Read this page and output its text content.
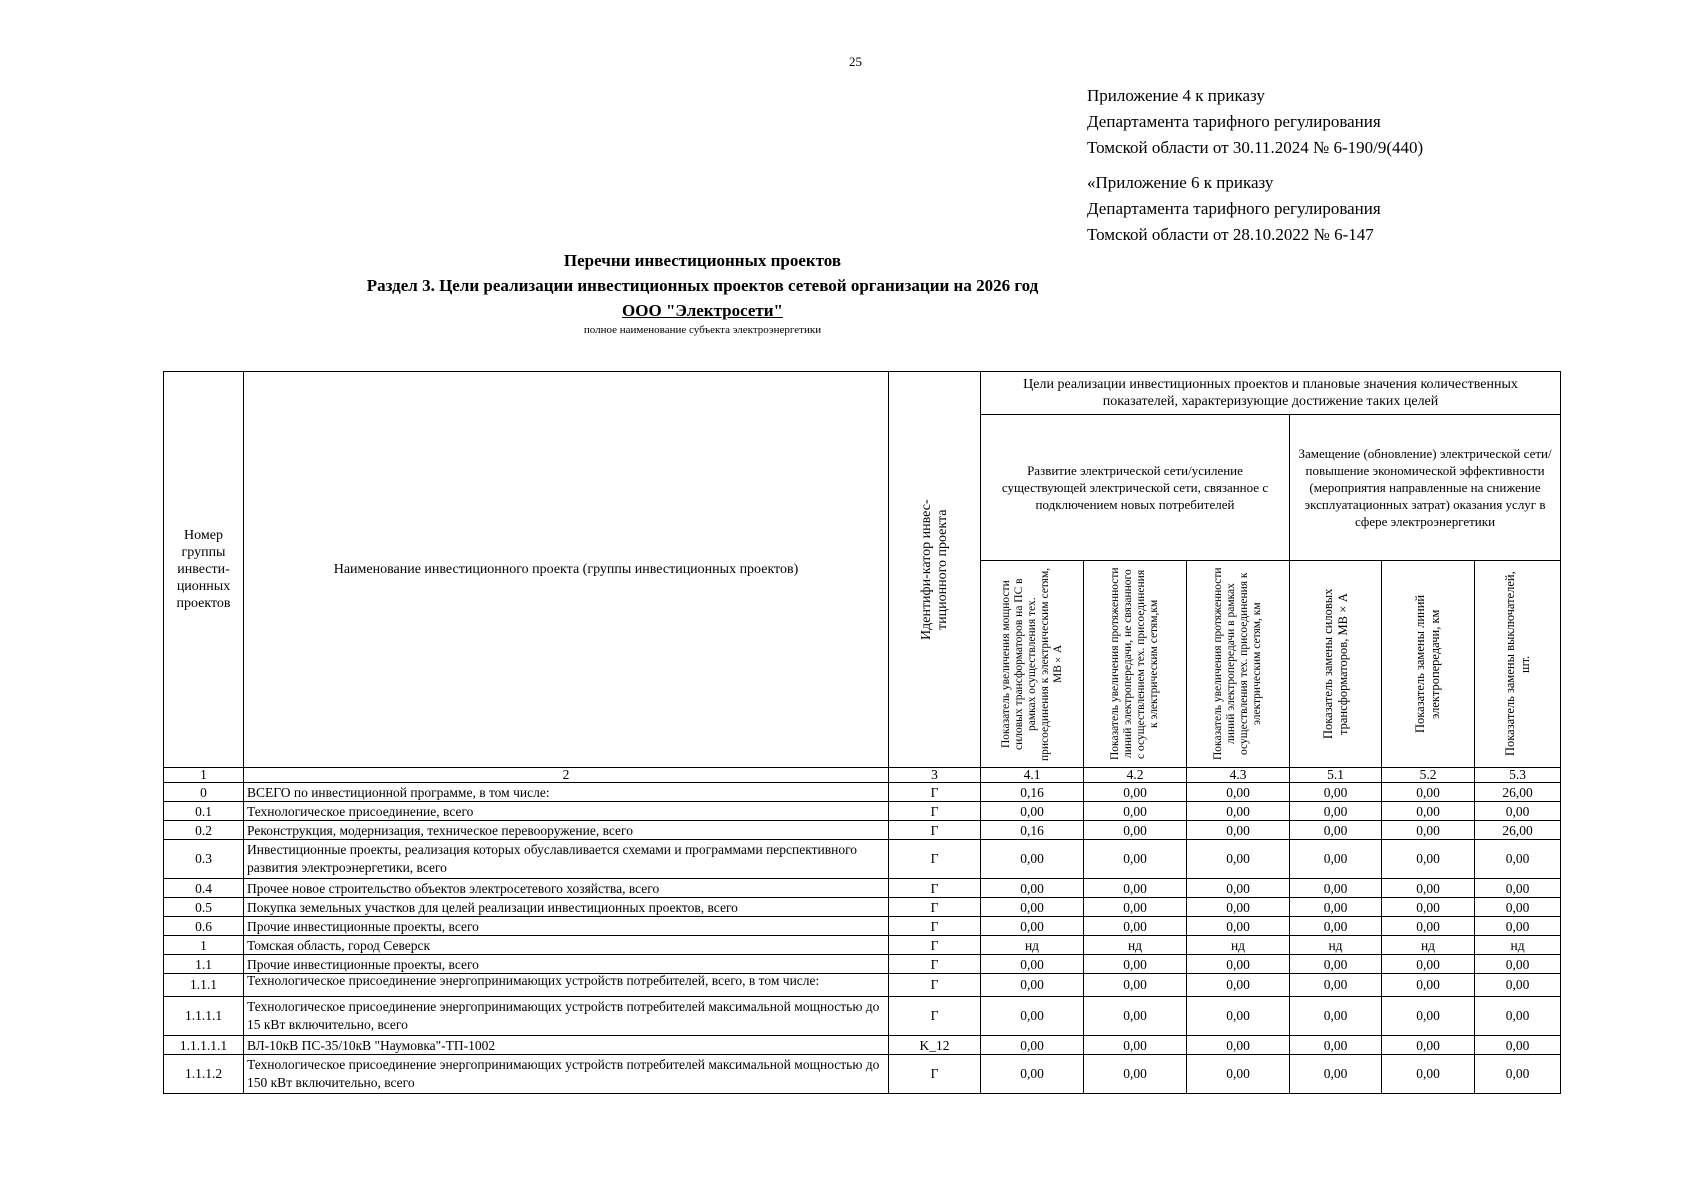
25
Приложение 4 к приказу
Департамента тарифного регулирования
Томской области от 30.11.2024 № 6-190/9(440)
«Приложение 6 к приказу
Департамента тарифного регулирования
Томской области от 28.10.2022 № 6-147
Перечни инвестиционных проектов
Раздел 3. Цели реализации инвестиционных проектов сетевой организации на 2026 год
ООО "Электросети"
полное наименование субъекта электроэнергетики
Номер группы инвести-ционных проектов	Наименование инвестиционного проекта (группы инвестиционных проектов)	Идентифи-катор инвес-тиционного проекта	Цели реализации инвестиционных проектов и плановые значения количественных показателей, характеризующие достижение таких целей					
			Развитие электрической сети/усиление существующей электрической сети, связанное с подключением новых потребителей			Замещение (обновление) электрической сети/повышение экономической эффективности (мероприятия направленные на снижение эксплуатационных затрат) оказания услуг в сфере электроэнергетики		

			Показатель увеличения мощности силовых трансформаторов на ПС в рамках осуществления тех. присоединения к электрическим сетям, МВ×А	Показатель увеличения протяженности линий электропередачи, не связанного с осуществлением тех. присоединения к электрическим сетям,км	Показатель увеличения протяженности линий электропередачи в рамках осуществления тех. присоединения к электрическим сетям, км	Показатель замены силовых трансформаторов, МВ×А	Показатель замены линий электропередачи, км	Показатель замены выключателей, шт.

1	2	3	4.1	4.2	4.3	5.1	5.2	5.3
0	ВСЕГО по инвестиционной программе, в том числе:	Г	0,16	0,00	0,00	0,00	0,00	26,00
0.1	Технологическое присоединение, всего	Г	0,00	0,00	0,00	0,00	0,00	0,00
0.2	Реконструкция, модернизация, техническое перевооружение, всего	Г	0,16	0,00	0,00	0,00	0,00	26,00
0.3	Инвестиционные проекты, реализация которых обуславливается схемами и программами перспективного развития электроэнергетики, всего	Г	0,00	0,00	0,00	0,00	0,00	0,00
0.4	Прочее новое строительство объектов электросетевого хозяйства, всего	Г	0,00	0,00	0,00	0,00	0,00	0,00
0.5	Покупка земельных участков для целей реализации инвестиционных проектов, всего	Г	0,00	0,00	0,00	0,00	0,00	0,00
0.6	Прочие инвестиционные проекты, всего	Г	0,00	0,00	0,00	0,00	0,00	0,00
1	Томская область, город Северск	Г	нд	нд	нд	нд	нд	нд
1.1	Прочие инвестиционные проекты, всего	Г	0,00	0,00	0,00	0,00	0,00	0,00
1.1.1	Технологическое присоединение энергопринимающих устройств потребителей, всего, в том числе:	Г	0,00	0,00	0,00	0,00	0,00	0,00
1.1.1.1	Технологическое присоединение энергопринимающих устройств потребителей максимальной мощностью до 15 кВт включительно, всего	Г	0,00	0,00	0,00	0,00	0,00	0,00
1.1.1.1.1	ВЛ-10кВ ПС-35/10кВ "Наумовка"-ТП-1002	K_12	0,00	0,00	0,00	0,00	0,00	0,00
1.1.1.2	Технологическое присоединение энергопринимающих устройств потребителей максимальной мощностью до 150 кВт включительно, всего	Г	0,00	0,00	0,00	0,00	0,00	0,00
